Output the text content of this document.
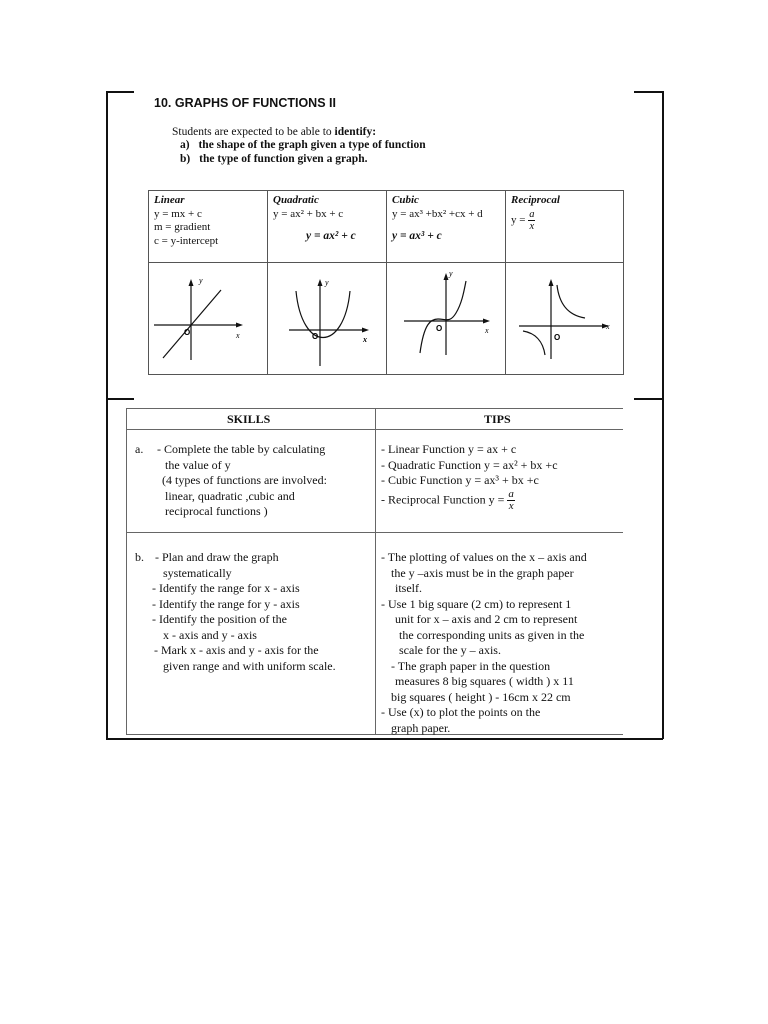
10. GRAPHS OF FUNCTIONS II
Students are expected to be able to identify:
a) the shape of the graph given a type of function
b) the type of function given a graph.
Linear
y = mx + c
m = gradient
c = y-intercept
Quadratic
y = ax² + bx + c
y = ax² + c
Cubic
y = ax³ +bx² +cx + d
y = ax³ + c
Reciprocal
$y = \frac{a}{x}$
y
x
O
y
x
O
y
x
O	x
O
SKILLS	TIPS
a. - Complete the table by calculating
the value of y
(4 types of functions are involved:
linear, quadratic ,cubic and
reciprocal functions )
- Linear Function y = ax + c
- Quadratic Function y = ax² + bx +c
- Cubic Function y = ax³ + bx +c
- Reciprocal Function $y = \frac{a}{x}$
b. - Plan and draw the graph
systematically
- Identify the range for x - axis
- Identify the range for y - axis
- Identify the position of the
x - axis and y - axis
- Mark x - axis and y - axis for the
given range and with uniform scale.
- The plotting of values on the x – axis and
the y –axis must be in the graph paper
itself.
- Use 1 big square (2 cm) to represent 1
unit for x – axis and 2 cm to represent
the corresponding units as given in the
scale for the y – axis.
- The graph paper in the question
measures 8 big squares ( width ) x 11
big squares ( height ) - 16cm x 22 cm
- Use (x) to plot the points on the
graph paper.
